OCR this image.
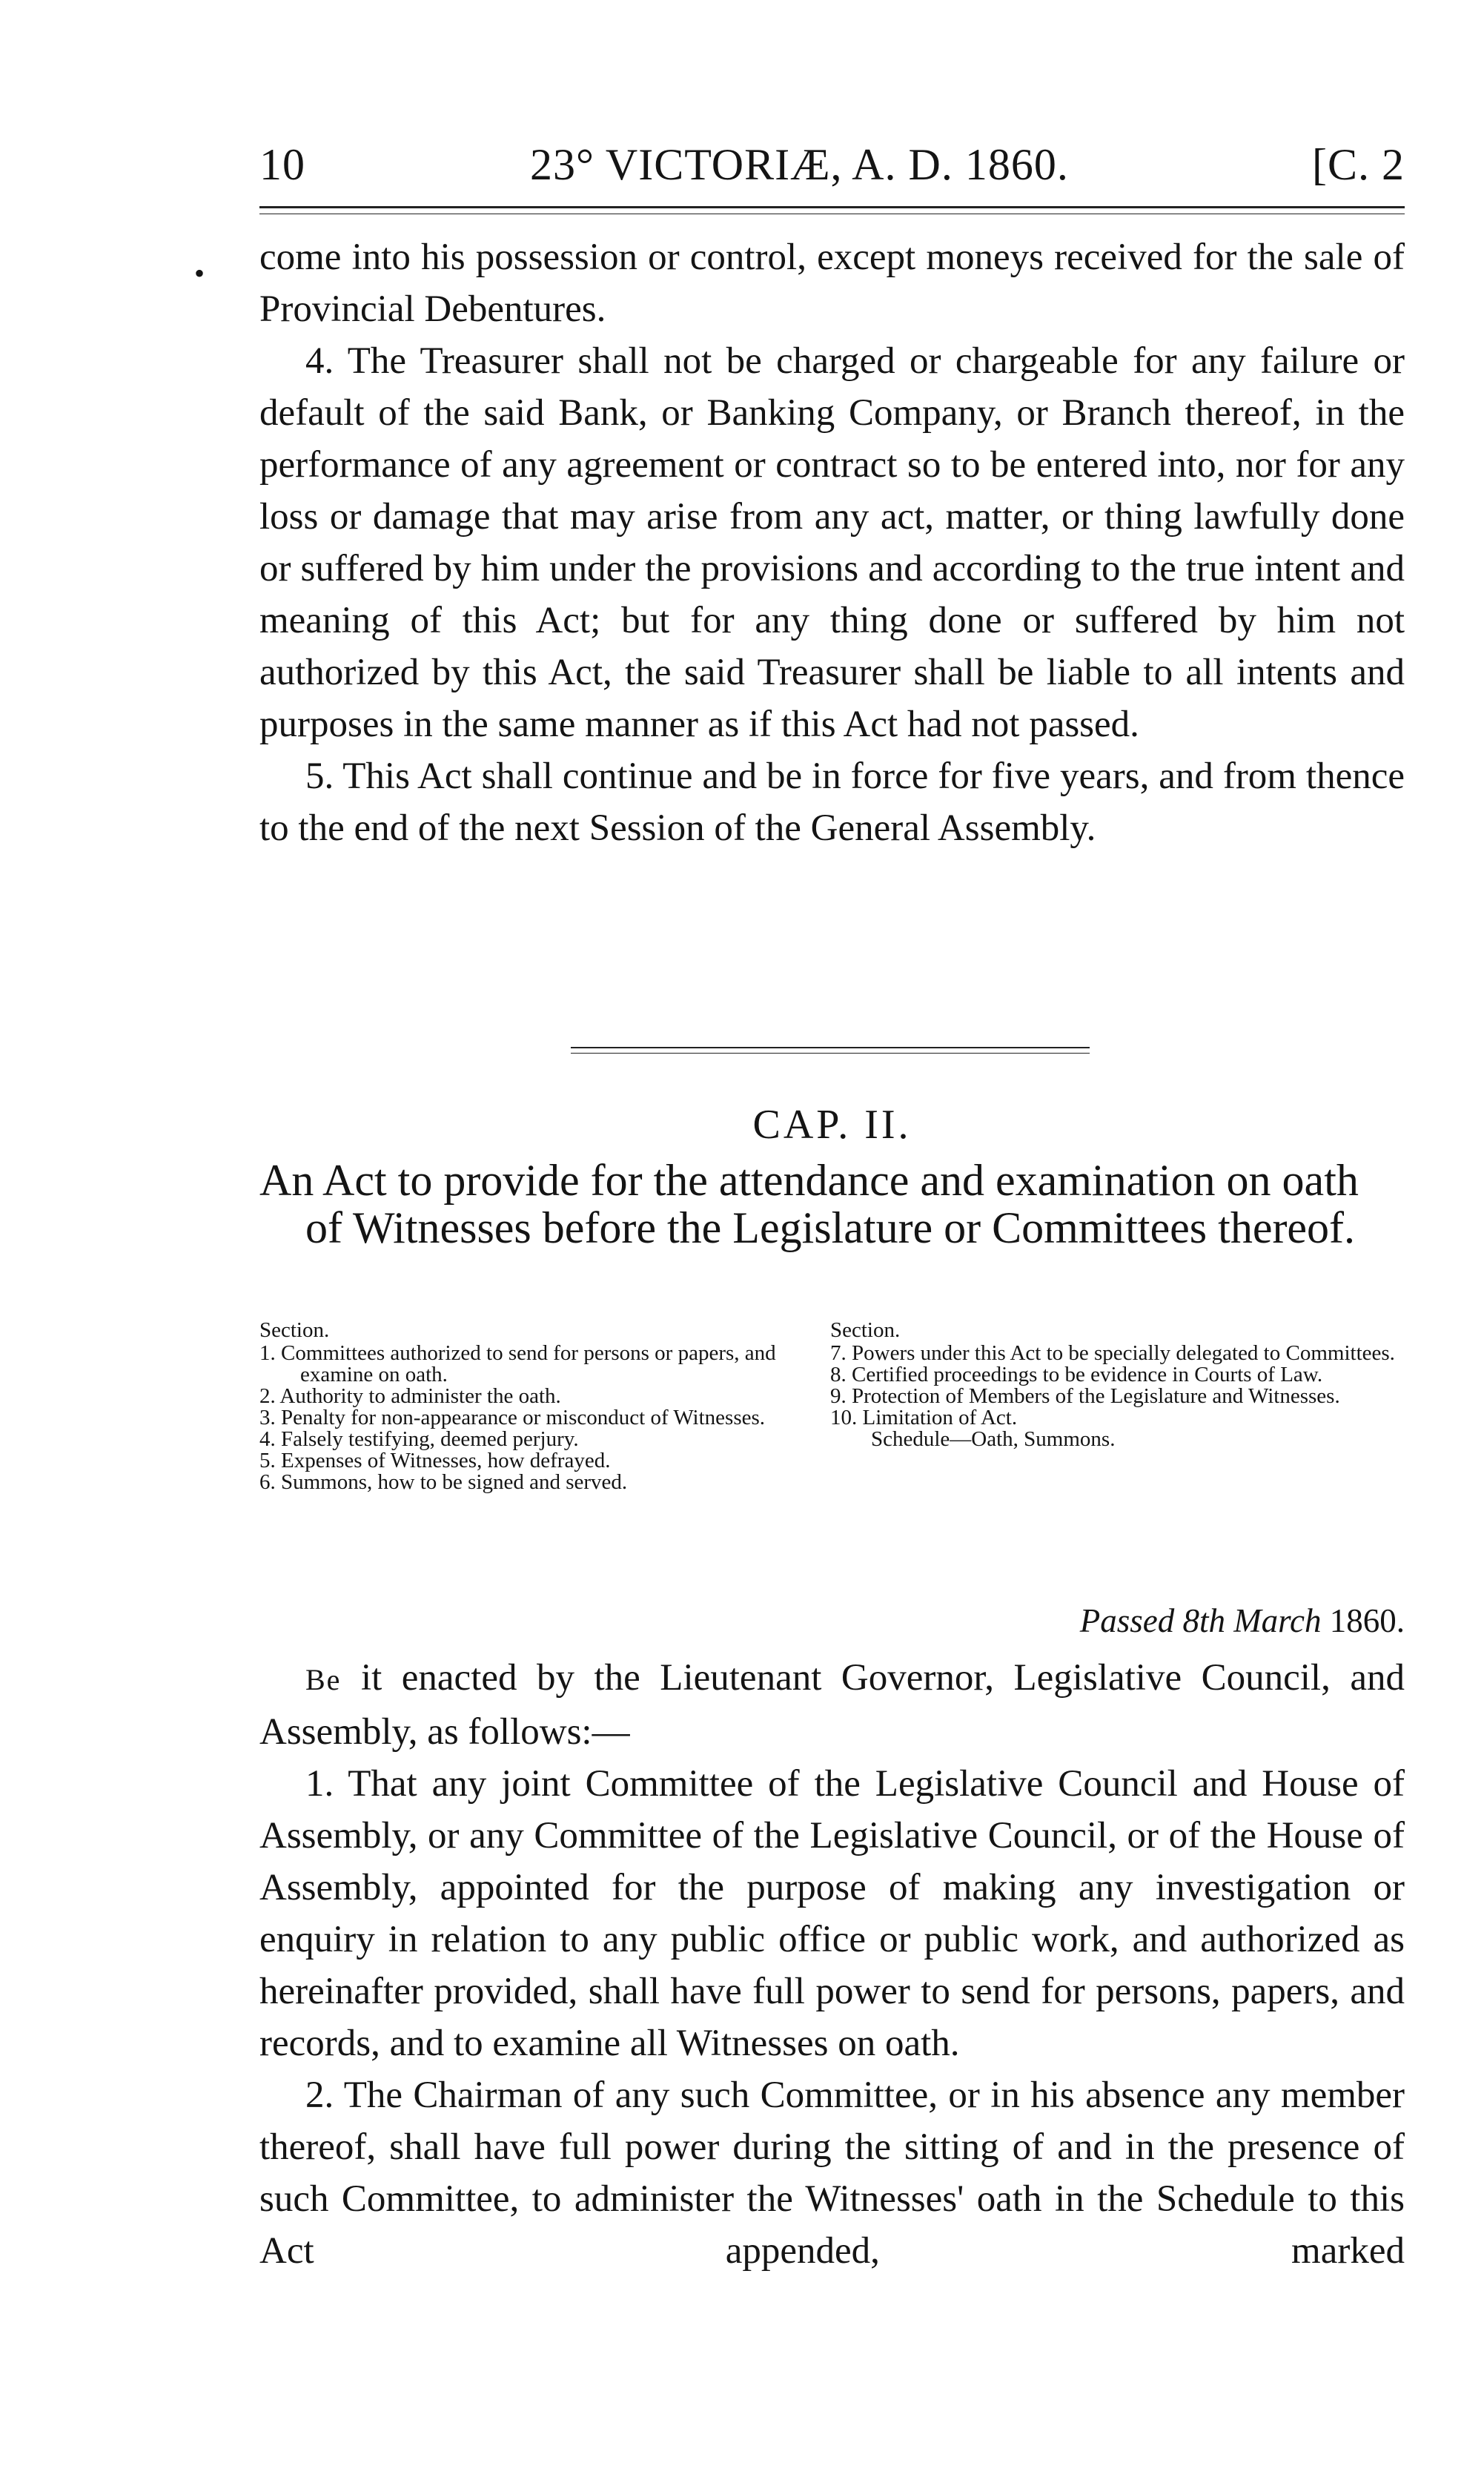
10	23° VICTORIÆ, A. D. 1860.	[C. 2
• come into his possession or control, except moneys received for the sale of Provincial Debentures.

4. The Treasurer shall not be charged or chargeable for any failure or default of the said Bank, or Banking Company, or Branch thereof, in the performance of any agreement or contract so to be entered into, nor for any loss or damage that may arise from any act, matter, or thing lawfully done or suffered by him under the provisions and according to the true intent and meaning of this Act; but for any thing done or suffered by him not authorized by this Act, the said Treasurer shall be liable to all intents and purposes in the same manner as if this Act had not passed.

5. This Act shall continue and be in force for five years, and from thence to the end of the next Session of the General Assembly.

CAP. II.
An Act to provide for the attendance and examination on oath of Witnesses before the Legislature or Committees thereof.
Section.

1. Committees authorized to send for persons or papers, and examine on oath.

2. Authority to administer the oath.

3. Penalty for non-appearance or misconduct of Witnesses.

4. Falsely testifying, deemed perjury.

5. Expenses of Witnesses, how defrayed.

6. Summons, how to be signed and served.

Section.

7. Powers under this Act to be specially delegated to Committees.

8. Certified proceedings to be evidence in Courts of Law.

9. Protection of Members of the Legislature and Witnesses.

10. Limitation of Act.

Schedule—Oath, Summons.

Passed 8th March 1860.

Be it enacted by the Lieutenant Governor, Legislative Council, and Assembly, as follows:—

1. That any joint Committee of the Legislative Council and House of Assembly, or any Committee of the Legislative Council, or of the House of Assembly, appointed for the purpose of making any investigation or enquiry in relation to any public office or public work, and authorized as hereinafter provided, shall have full power to send for persons, papers, and records, and to examine all Witnesses on oath.

2. The Chairman of any such Committee, or in his absence any member thereof, shall have full power during the sitting of and in the presence of such Committee, to administer the Witnesses' oath in the Schedule to this Act appended, marked
